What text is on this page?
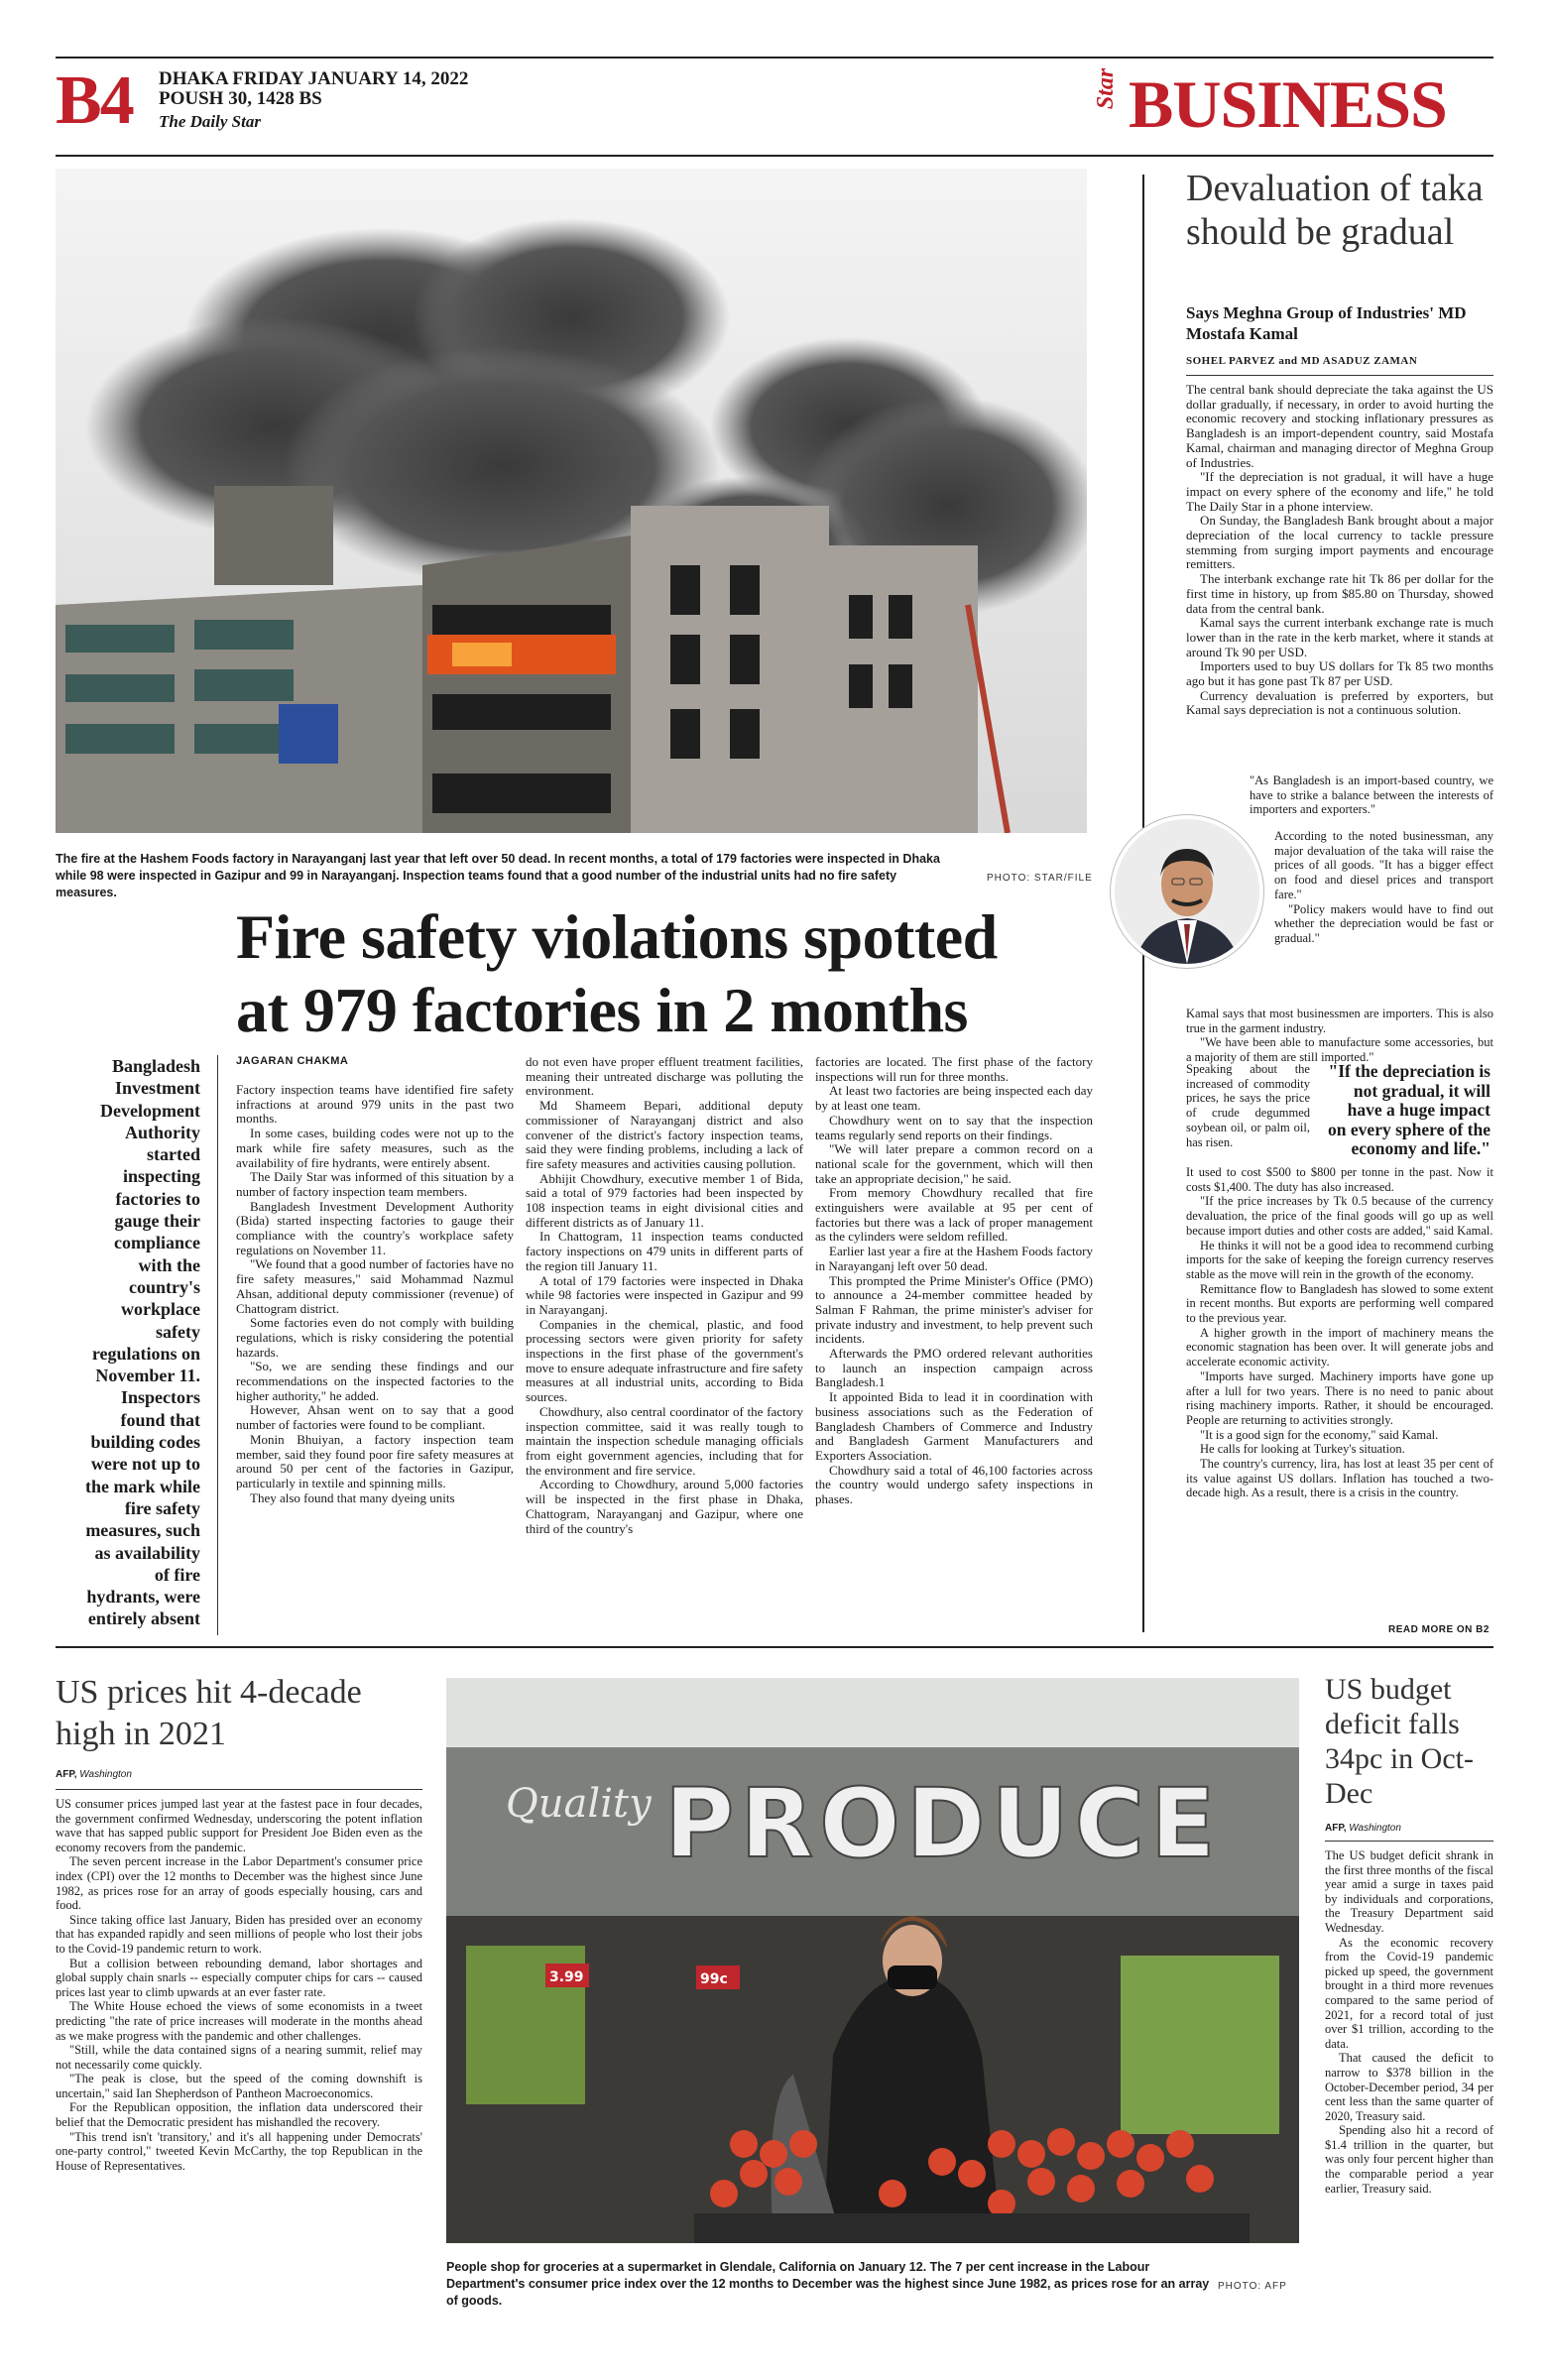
B4 DHAKA FRIDAY JANUARY 14, 2022
POUSH 30, 1428 BS
The Daily Star
Star BUSINESS
The fire at the Hashem Foods factory in Narayanganj last year that left over 50 dead. In recent months, a total of 179 factories were inspected in Dhaka while 98 were inspected in Gazipur and 99 in Narayanganj. Inspection teams found that a good number of the industrial units had no fire safety measures.
PHOTO: STAR/FILE
Fire safety violations spotted
at 979 factories in 2 months
Bangladesh Investment Development Authority started inspecting factories to gauge their compliance with the country's workplace safety regulations on November 11. Inspectors found that building codes were not up to the mark while fire safety measures, such as availability of fire hydrants, were entirely absent
JAGARAN CHAKMA

Factory inspection teams have identified fire safety infractions at around 979 units in the past two months.

In some cases, building codes were not up to the mark while fire safety measures, such as the availability of fire hydrants, were entirely absent.

The Daily Star was informed of this situation by a number of factory inspection team members.

Bangladesh Investment Development Authority (Bida) started inspecting factories to gauge their compliance with the country's workplace safety regulations on November 11.

"We found that a good number of factories have no fire safety measures," said Mohammad Nazmul Ahsan, additional deputy commissioner (revenue) of Chattogram district.

Some factories even do not comply with building regulations, which is risky considering the potential hazards.

"So, we are sending these findings and our recommendations on the inspected factories to the higher authority," he added.

However, Ahsan went on to say that a good number of factories were found to be compliant.

Monin Bhuiyan, a factory inspection team member, said they found poor fire safety measures at around 50 per cent of the factories in Gazipur, particularly in textile and spinning mills.

They also found that many dyeing units

do not even have proper effluent treatment facilities, meaning their untreated discharge was polluting the environment.

Md Shameem Bepari, additional deputy commissioner of Narayanganj district and also convener of the district's factory inspection teams, said they were finding problems, including a lack of fire safety measures and activities causing pollution.

Abhijit Chowdhury, executive member 1 of Bida, said a total of 979 factories had been inspected by 108 inspection teams in eight divisional cities and different districts as of January 11.

In Chattogram, 11 inspection teams conducted factory inspections on 479 units in different parts of the region till January 11.

A total of 179 factories were inspected in Dhaka while 98 factories were inspected in Gazipur and 99 in Narayanganj.

Companies in the chemical, plastic, and food processing sectors were given priority for safety inspections in the first phase of the government's move to ensure adequate infrastructure and fire safety measures at all industrial units, according to Bida sources.

Chowdhury, also central coordinator of the factory inspection committee, said it was really tough to maintain the inspection schedule managing officials from eight government agencies, including that for the environment and fire service.

According to Chowdhury, around 5,000 factories will be inspected in the first phase in Dhaka, Chattogram, Narayanganj and Gazipur, where one third of the country's

factories are located. The first phase of the factory inspections will run for three months.

At least two factories are being inspected each day by at least one team.

Chowdhury went on to say that the inspection teams regularly send reports on their findings.

"We will later prepare a common record on a national scale for the government, which will then take an appropriate decision," he said.

From memory Chowdhury recalled that fire extinguishers were available at 95 per cent of factories but there was a lack of proper management as the cylinders were seldom refilled.

Earlier last year a fire at the Hashem Foods factory in Narayanganj left over 50 dead.

This prompted the Prime Minister's Office (PMO) to announce a 24-member committee headed by Salman F Rahman, the prime minister's adviser for private industry and investment, to help prevent such incidents.

Afterwards the PMO ordered relevant authorities to launch an inspection campaign across Bangladesh.1

It appointed Bida to lead it in coordination with business associations such as the Federation of Bangladesh Chambers of Commerce and Industry and Bangladesh Garment Manufacturers and Exporters Association.

Chowdhury said a total of 46,100 factories across the country would undergo safety inspections in phases.

Devaluation of taka should be gradual
Says Meghna Group of Industries' MD Mostafa Kamal
SOHEL PARVEZ and MD ASADUZ ZAMAN

The central bank should depreciate the taka against the US dollar gradually, if necessary, in order to avoid hurting the economic recovery and stocking inflationary pressures as Bangladesh is an import-dependent country, said Mostafa Kamal, chairman and managing director of Meghna Group of Industries.

"If the depreciation is not gradual, it will have a huge impact on every sphere of the economy and life," he told The Daily Star in a phone interview.

On Sunday, the Bangladesh Bank brought about a major depreciation of the local currency to tackle pressure stemming from surging import payments and encourage remitters.

The interbank exchange rate hit Tk 86 per dollar for the first time in history, up from $85.80 on Thursday, showed data from the central bank.

Kamal says the current interbank exchange rate is much lower than in the rate in the kerb market, where it stands at around Tk 90 per USD.

Importers used to buy US dollars for Tk 85 two months ago but it has gone past Tk 87 per USD.

Currency devaluation is preferred by exporters, but Kamal says depreciation is not a continuous solution.

"As Bangladesh is an import-based country, we have to strike a balance between the interests of importers and exporters."

According to the noted businessman, any major devaluation of the taka will raise the prices of all goods. "It has a bigger effect on food and diesel prices and transport fare."

"Policy makers would have to find out whether the depreciation would be fast or gradual."

Kamal says that most businessmen are importers. This is also true in the garment industry.

"We have been able to manufacture some accessories, but a majority of them are still imported."

Speaking about the increased of commodity prices, he says the price of crude degummed soybean oil, or palm oil, has risen.

"If the depreciation is not gradual, it will have a huge impact on every sphere of the economy and life."

It used to cost $500 to $800 per tonne in the past. Now it costs $1,400. The duty has also increased.

"If the price increases by Tk 0.5 because of the currency devaluation, the price of the final goods will go up as well because import duties and other costs are added," said Kamal.

He thinks it will not be a good idea to recommend curbing imports for the sake of keeping the foreign currency reserves stable as the move will rein in the growth of the economy.

Remittance flow to Bangladesh has slowed to some extent in recent months. But exports are performing well compared to the previous year.

A higher growth in the import of machinery means the economic stagnation has been over. It will generate jobs and accelerate economic activity.

"Imports have surged. Machinery imports have gone up after a lull for two years. There is no need to panic about rising machinery imports. Rather, it should be encouraged. People are returning to activities strongly.

"It is a good sign for the economy," said Kamal.

He calls for looking at Turkey's situation.

The country's currency, lira, has lost at least 35 per cent of its value against US dollars. Inflation has touched a two-decade high. As a result, there is a crisis in the country.

READ MORE ON B2
US prices hit 4-decade high in 2021
AFP, Washington

US consumer prices jumped last year at the fastest pace in four decades, the government confirmed Wednesday, underscoring the potent inflation wave that has sapped public support for President Joe Biden even as the economy recovers from the pandemic.

The seven percent increase in the Labor Department's consumer price index (CPI) over the 12 months to December was the highest since June 1982, as prices rose for an array of goods especially housing, cars and food.

Since taking office last January, Biden has presided over an economy that has expanded rapidly and seen millions of people who lost their jobs to the Covid-19 pandemic return to work.

But a collision between rebounding demand, labor shortages and global supply chain snarls -- especially computer chips for cars -- caused prices last year to climb upwards at an ever faster rate.

The White House echoed the views of some economists in a tweet predicting "the rate of price increases will moderate in the months ahead as we make progress with the pandemic and other challenges.

"Still, while the data contained signs of a nearing summit, relief may not necessarily come quickly.

"The peak is close, but the speed of the coming downshift is uncertain," said Ian Shepherdson of Pantheon Macroeconomics.

For the Republican opposition, the inflation data underscored their belief that the Democratic president has mishandled the recovery.

"This trend isn't 'transitory,' and it's all happening under Democrats' one-party control," tweeted Kevin McCarthy, the top Republican in the House of Representatives.

Quality PRODUCE
3.99	99c
People shop for groceries at a supermarket in Glendale, California on January 12. The 7 per cent increase in the Labour Department's consumer price index over the 12 months to December was the highest since June 1982, as prices rose for an array of goods.
PHOTO: AFP
US budget deficit falls 34pc in Oct-Dec
AFP, Washington

The US budget deficit shrank in the first three months of the fiscal year amid a surge in taxes paid by individuals and corporations, the Treasury Department said Wednesday.

As the economic recovery from the Covid-19 pandemic picked up speed, the government brought in a third more revenues compared to the same period of 2021, for a record total of just over $1 trillion, according to the data.

That caused the deficit to narrow to $378 billion in the October-December period, 34 per cent less than the same quarter of 2020, Treasury said.

Spending also hit a record of $1.4 trillion in the quarter, but was only four percent higher than the comparable period a year earlier, Treasury said.
